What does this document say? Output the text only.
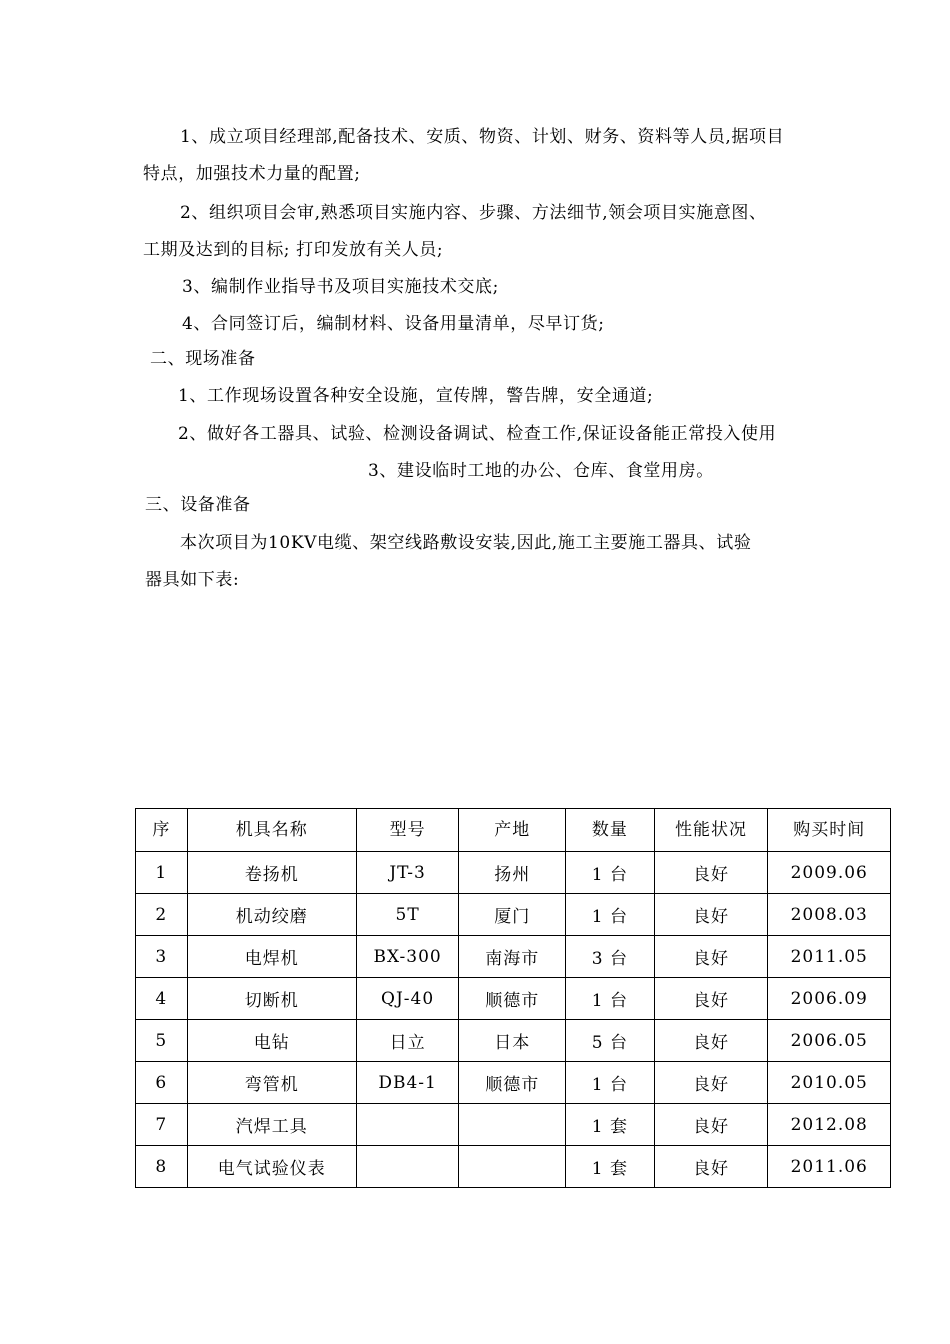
1、成立项目经理部,配备技术、安质、物资、计划、财务、资料等人员,据项目
特点，加强技术力量的配置;
2、组织项目会审,熟悉项目实施内容、步骤、方法细节,领会项目实施意图、
工期及达到的目标; 打印发放有关人员;
3、编制作业指导书及项目实施技术交底;
4、合同签订后，编制材料、设备用量清单，尽早订货;
二、现场准备
1、工作现场设置各种安全设施，宣传牌，警告牌，安全通道;
2、做好各工器具、试验、检测设备调试、检查工作,保证设备能正常投入使用
3、建设临时工地的办公、仓库、食堂用房。
三、设备准备
本次项目为10KV电缆、架空线路敷设安装,因此,施工主要施工器具、试验
器具如下表:
序	机具名称	型号	产地	数量	性能状况	购买时间
1	卷扬机	JT-3	扬州	1 台	良好	2009.06
2	机动绞磨	5T	厦门	1 台	良好	2008.03
3	电焊机	BX-300	南海市	3 台	良好	2011.05
4	切断机	QJ-40	顺德市	1 台	良好	2006.09
5	电钻	日立	日本	5 台	良好	2006.05
6	弯管机	DB4-1	顺德市	1 台	良好	2010.05
7	汽焊工具			1 套	良好	2012.08
8	电气试验仪表			1 套	良好	2011.06
